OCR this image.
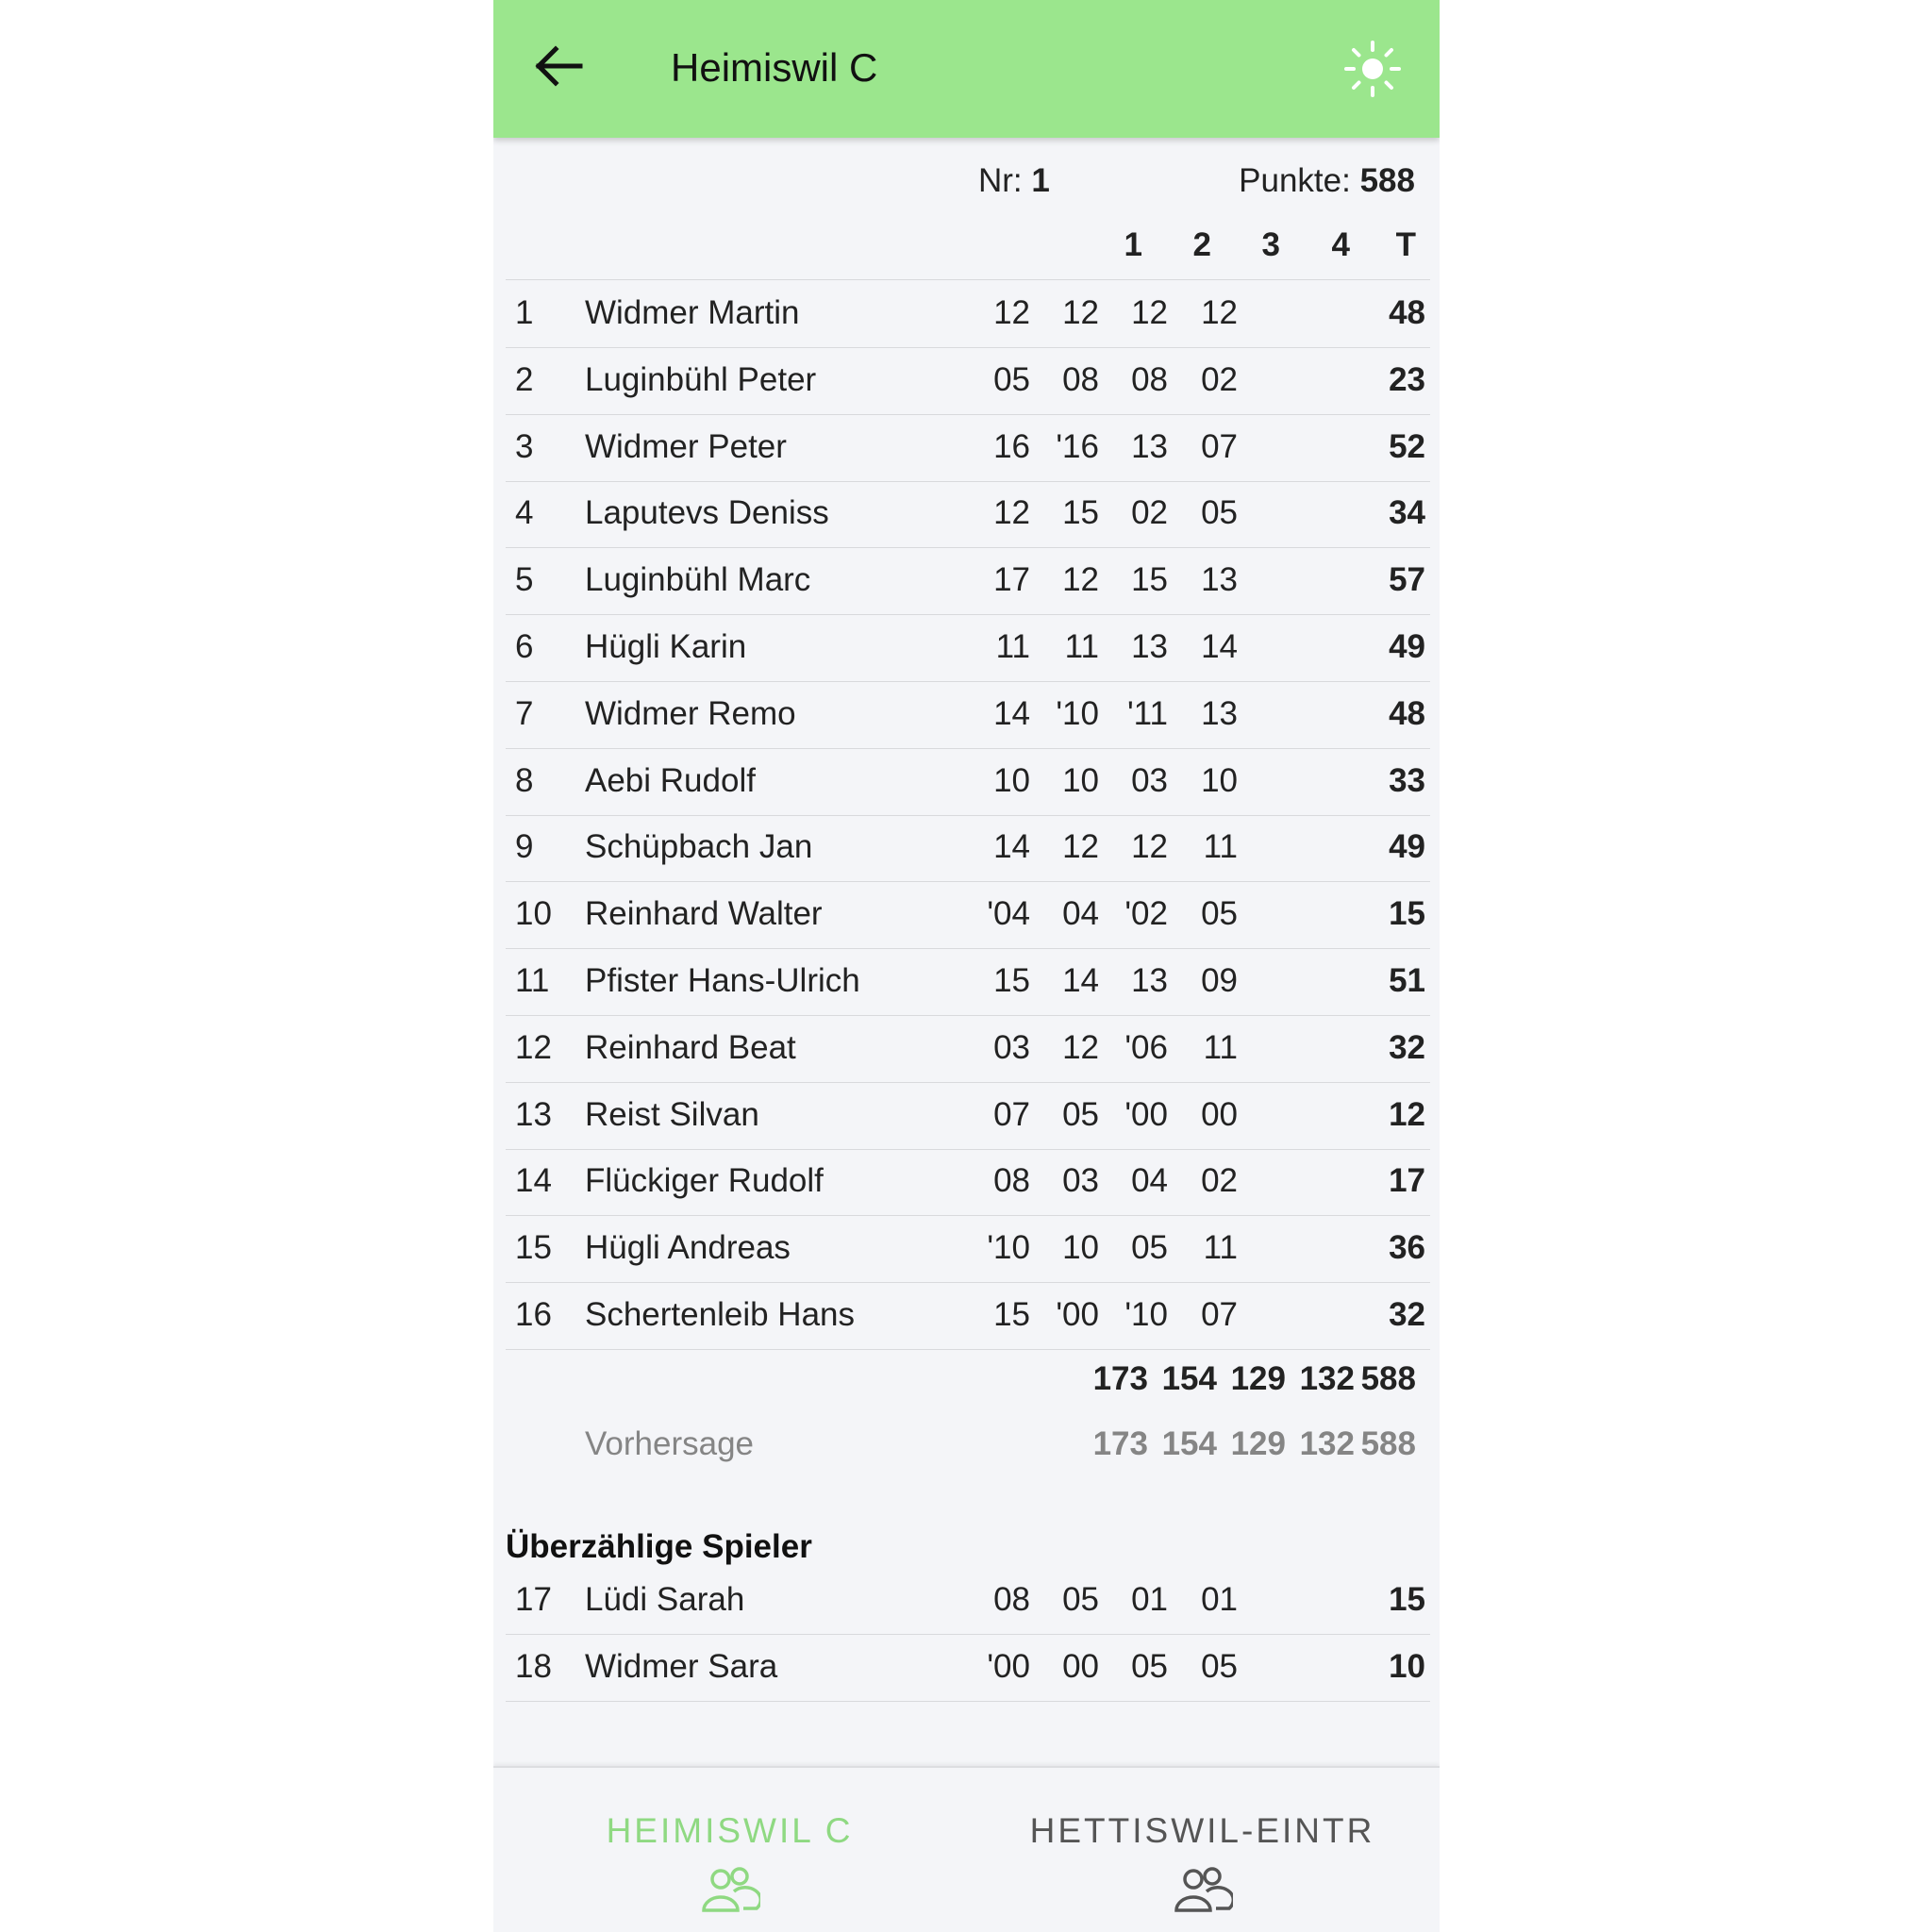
Heimiswil C
Nr: 1	Punkte: 588
1	2	3	4	T
1 Widmer Martin	12 12 12	12	48
2 Luginbühl Peter	05 08 08	02	23
3 Widmer Peter	16 '16 13	07	52
4 Laputevs Deniss	12 15 02	05	34
5 Luginbühl Marc	17 12 15	13	57
6 Hügli Karin	11	11 13	14	49
7 Widmer Remo	14 '10 '11	13	48
8 Aebi Rudolf	10 10 03	10	33
9 Schüpbach Jan	14 12 12	11	49
10 Reinhard Walter	'04 04 '02	05	15
11 Pfister Hans-Ulrich	15 14 13	09	51
12 Reinhard Beat	03 12 '06	11	32
13 Reist Silvan	07 05 '00	00	12
14 Flückiger Rudolf	08 03 04	02	17
15 Hügli Andreas	'10 10 05	11	36
16 Schertenleib Hans	15 '00 '10	07	32
173 154 129 132 588
Vorhersage	173 154 129 132 588
Überzählige Spieler
17 Lüdi Sarah	08 05 01	01	15
18 Widmer Sara	'00 00 05	05	10
HEIMISWIL C	HETTISWIL-EINTR
